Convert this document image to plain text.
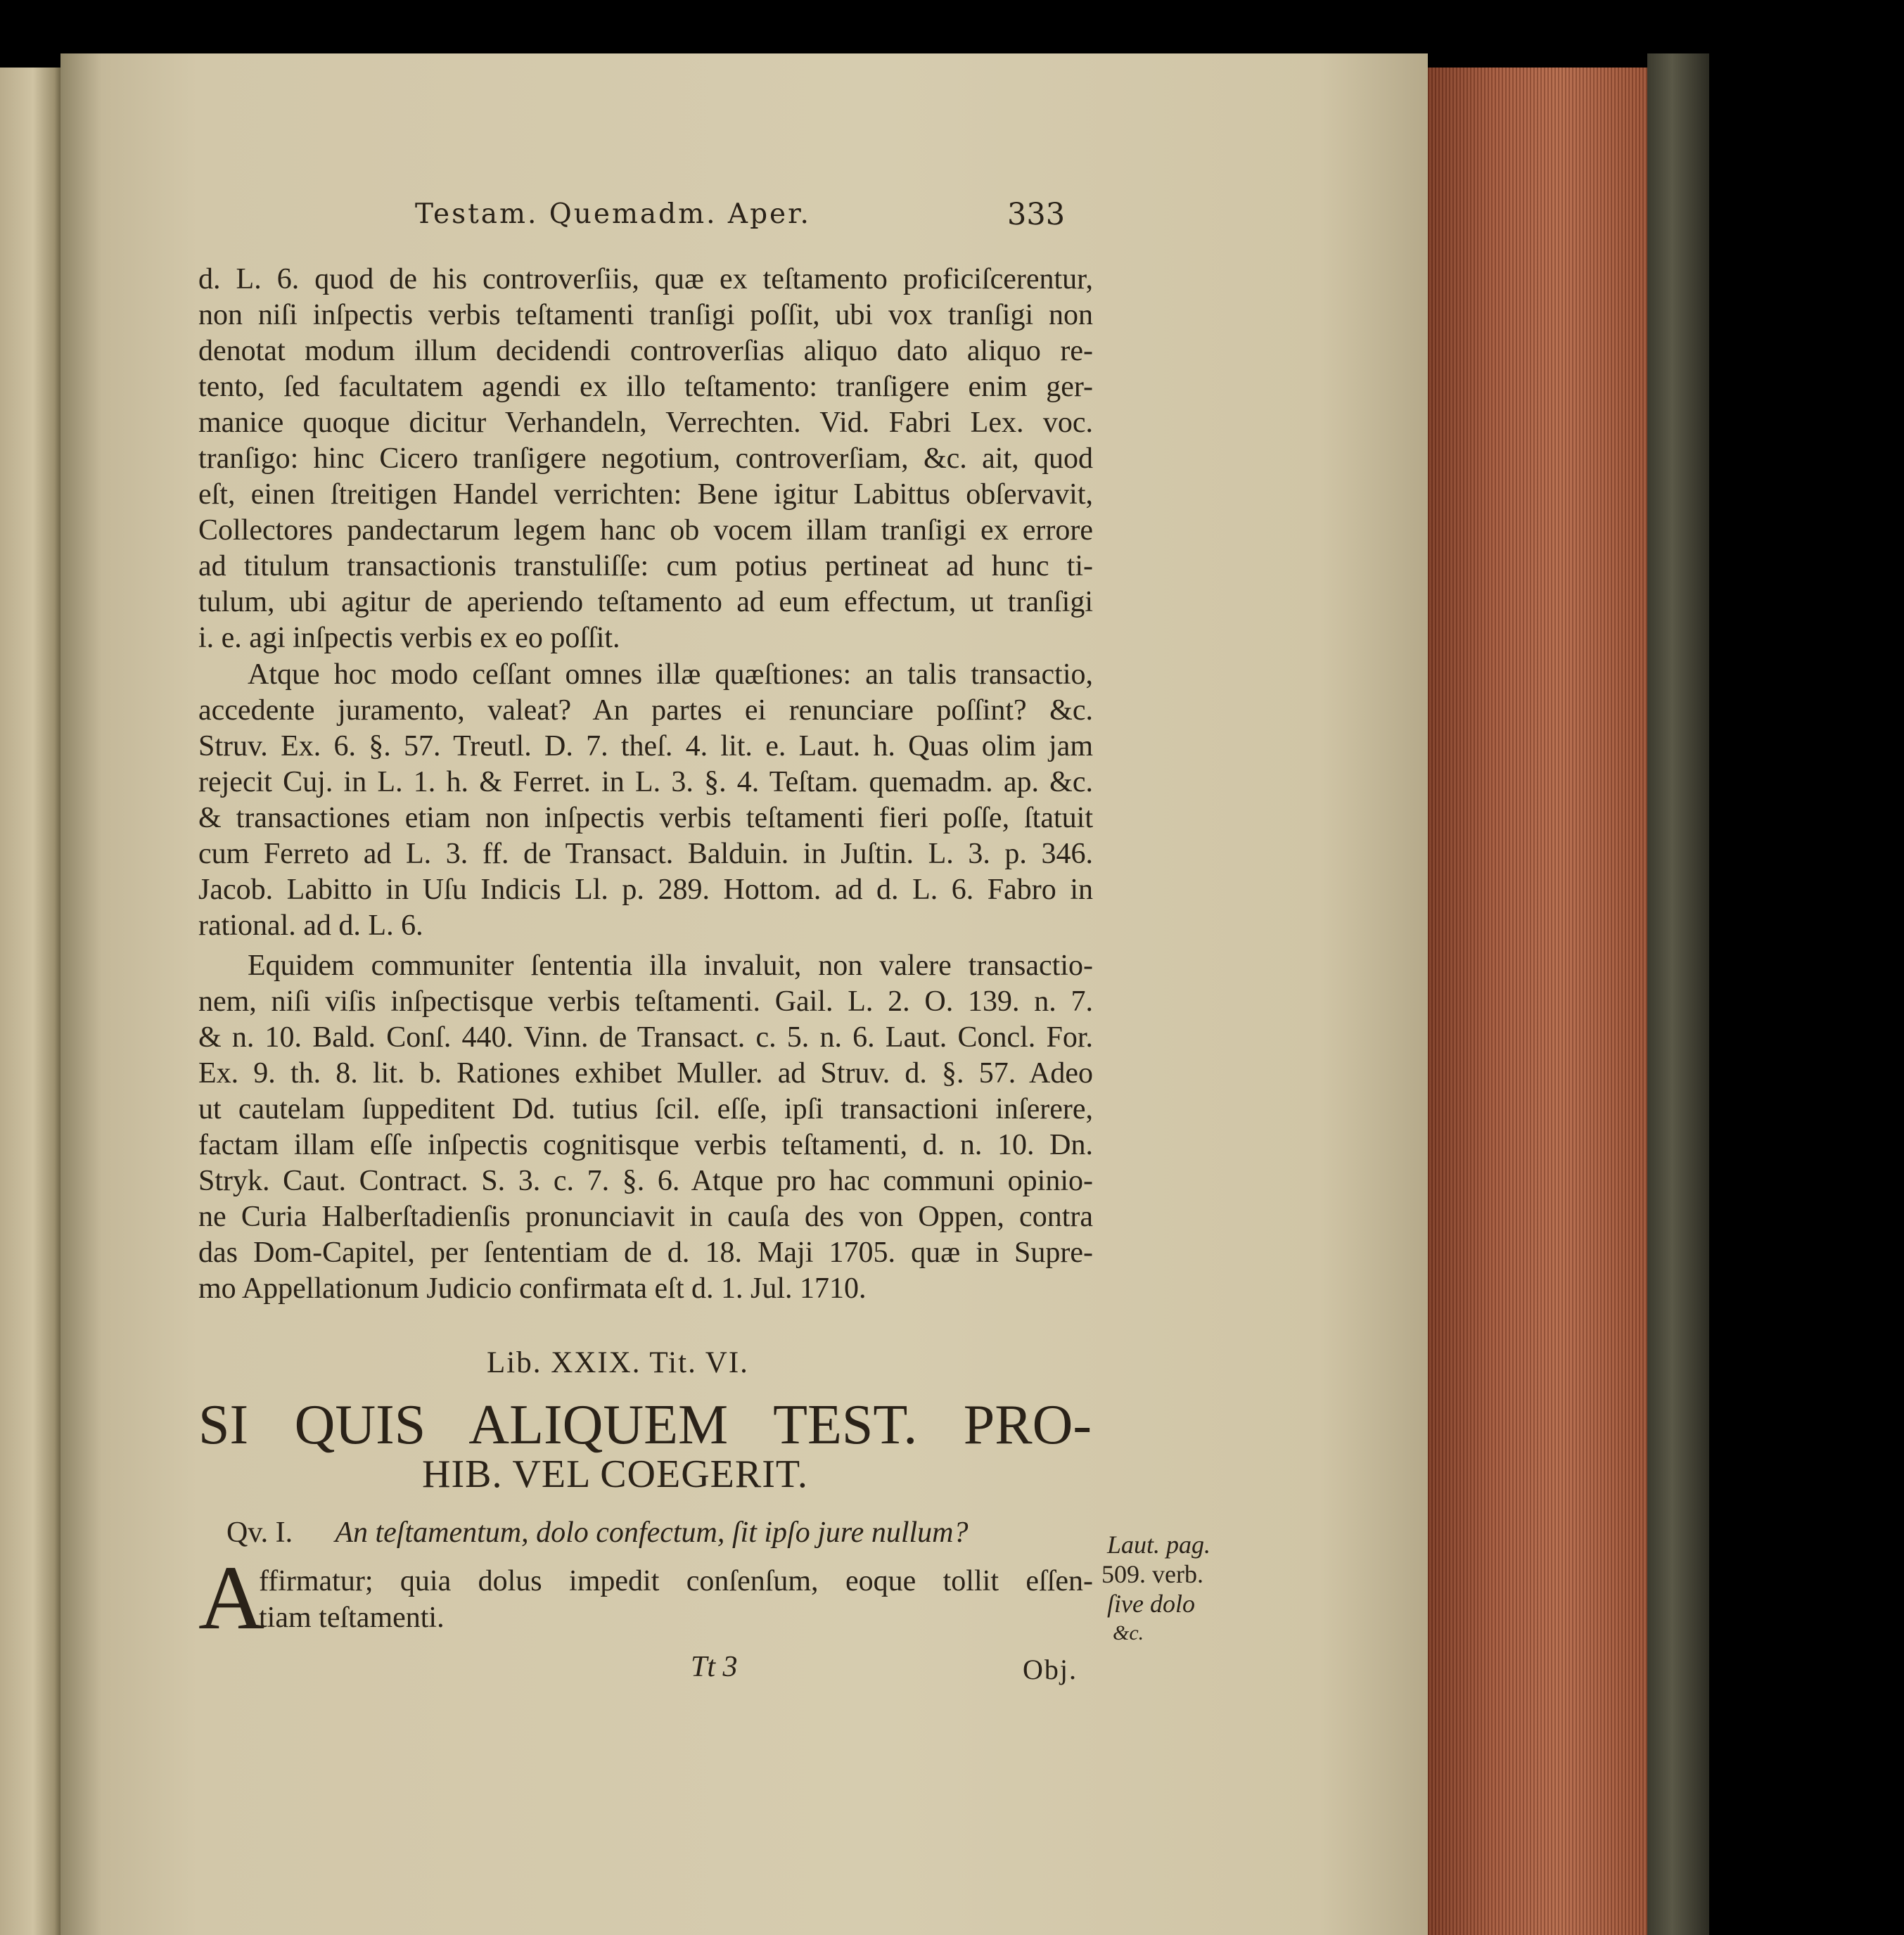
Testam. Quemadm. Aper.	333
d. L. 6. quod de his controverſiis, quæ ex teſtamento proficiſcerentur,
non niſi inſpectis verbis teſtamenti tranſigi poſſit, ubi vox tranſigi non
denotat modum illum decidendi controverſias aliquo dato aliquo re-
tento, ſed facultatem agendi ex illo teſtamento: tranſigere enim ger-
manice quoque dicitur Verhandeln, Verrechten. Vid. Fabri Lex. voc.
tranſigo: hinc Cicero tranſigere negotium, controverſiam, &c. ait, quod
eſt, einen ſtreitigen Handel verrichten: Bene igitur Labittus obſervavit,
Collectores pandectarum legem hanc ob vocem illam tranſigi ex errore
ad titulum transactionis transtuliſſe: cum potius pertineat ad hunc ti-
tulum, ubi agitur de aperiendo teſtamento ad eum effectum, ut tranſigi
i. e. agi inſpectis verbis ex eo poſſit.
Atque hoc modo ceſſant omnes illæ quæſtiones: an talis transactio,
accedente juramento, valeat? An partes ei renunciare poſſint? &c.
Struv. Ex. 6. §. 57. Treutl. D. 7. theſ. 4. lit. e. Laut. h. Quas olim jam
rejecit Cuj. in L. 1. h. & Ferret. in L. 3. §. 4. Teſtam. quemadm. ap. &c.
& transactiones etiam non inſpectis verbis teſtamenti fieri poſſe, ſtatuit
cum Ferreto ad L. 3. ff. de Transact. Balduin. in Juſtin. L. 3. p. 346.
Jacob. Labitto in Uſu Indicis Ll. p. 289. Hottom. ad d. L. 6. Fabro in
rational. ad d. L. 6.
Equidem communiter ſententia illa invaluit, non valere transactio-
nem, niſi viſis inſpectisque verbis teſtamenti. Gail. L. 2. O. 139. n. 7.
& n. 10. Bald. Conſ. 440. Vinn. de Transact. c. 5. n. 6. Laut. Concl. For.
Ex. 9. th. 8. lit. b. Rationes exhibet Muller. ad Struv. d. §. 57. Adeo
ut cautelam ſuppeditent Dd. tutius ſcil. eſſe, ipſi transactioni inſerere,
factam illam eſſe inſpectis cognitisque verbis teſtamenti, d. n. 10. Dn.
Stryk. Caut. Contract. S. 3. c. 7. §. 6. Atque pro hac communi opinio-
ne Curia Halberſtadienſis pronunciavit in cauſa des von Oppen, contra
das Dom-Capitel, per ſententiam de d. 18. Maji 1705. quæ in Supre-
mo Appellationum Judicio confirmata eſt d. 1. Jul. 1710.
Lib. XXIX. Tit. VI.
SI QUIS ALIQUEM TEST. PRO-
HIB. VEL COEGERIT.
Qv. I. An teſtamentum, dolo confectum, ſit ipſo jure nullum?
A
ffirmatur; quia dolus impedit conſenſum, eoque tollit eſſen-
tiam teſtamenti.
Laut. pag.
509. verb.
ſive dolo
&c.
Tt 3	Obj.
